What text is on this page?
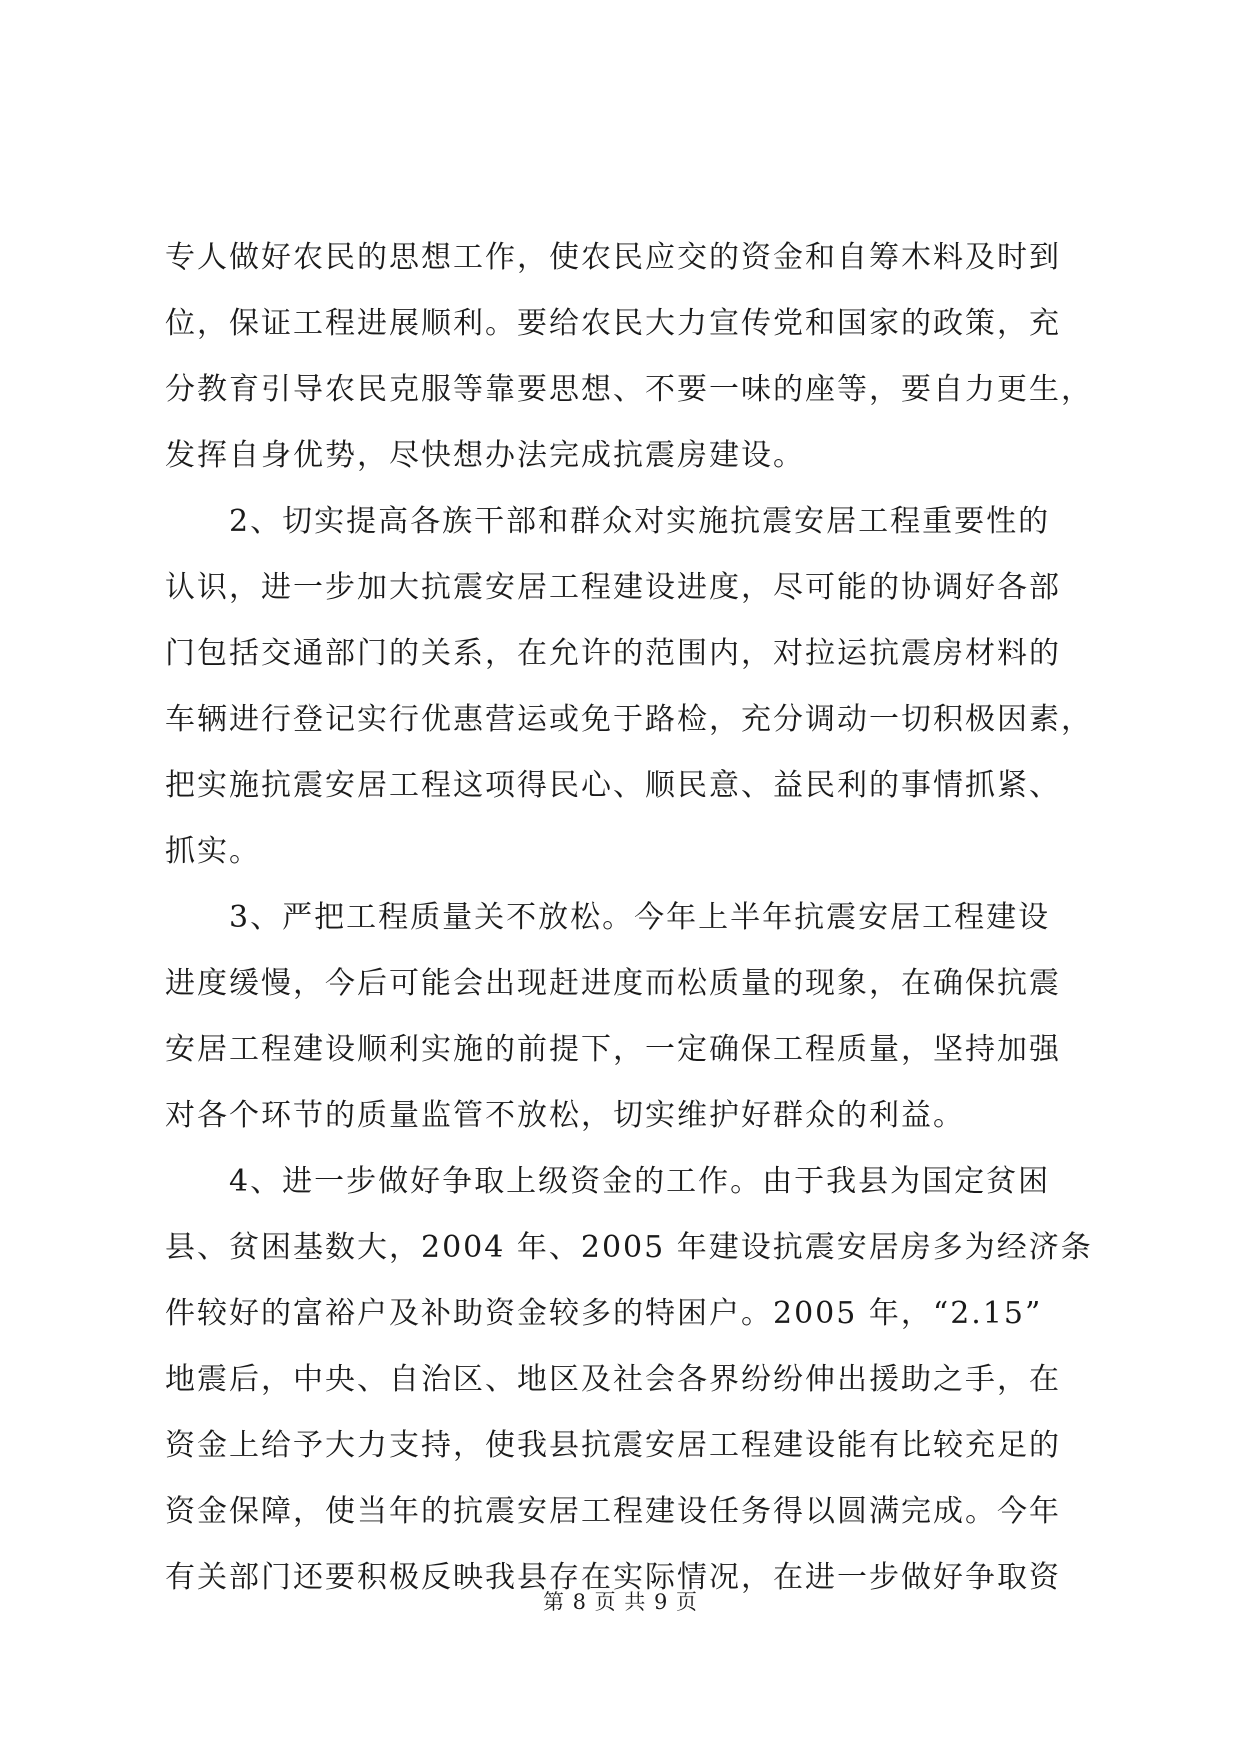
专人做好农民的思想工作，使农民应交的资金和自筹木料及时到
位，保证工程进展顺利。要给农民大力宣传党和国家的政策，充
分教育引导农民克服等靠要思想、不要一味的座等，要自力更生，
发挥自身优势，尽快想办法完成抗震房建设。
　　2、切实提高各族干部和群众对实施抗震安居工程重要性的
认识，进一步加大抗震安居工程建设进度，尽可能的协调好各部
门包括交通部门的关系，在允许的范围内，对拉运抗震房材料的
车辆进行登记实行优惠营运或免于路检，充分调动一切积极因素，
把实施抗震安居工程这项得民心、顺民意、益民利的事情抓紧、
抓实。
　　3、严把工程质量关不放松。今年上半年抗震安居工程建设
进度缓慢，今后可能会出现赶进度而松质量的现象，在确保抗震
安居工程建设顺利实施的前提下，一定确保工程质量，坚持加强
对各个环节的质量监管不放松，切实维护好群众的利益。
　　4、进一步做好争取上级资金的工作。由于我县为国定贫困
县、贫困基数大，2004 年、2005 年建设抗震安居房多为经济条
件较好的富裕户及补助资金较多的特困户。2005 年，“2.15”
地震后，中央、自治区、地区及社会各界纷纷伸出援助之手，在
资金上给予大力支持，使我县抗震安居工程建设能有比较充足的
资金保障，使当年的抗震安居工程建设任务得以圆满完成。今年
有关部门还要积极反映我县存在实际情况，在进一步做好争取资
第 8 页 共 9 页
